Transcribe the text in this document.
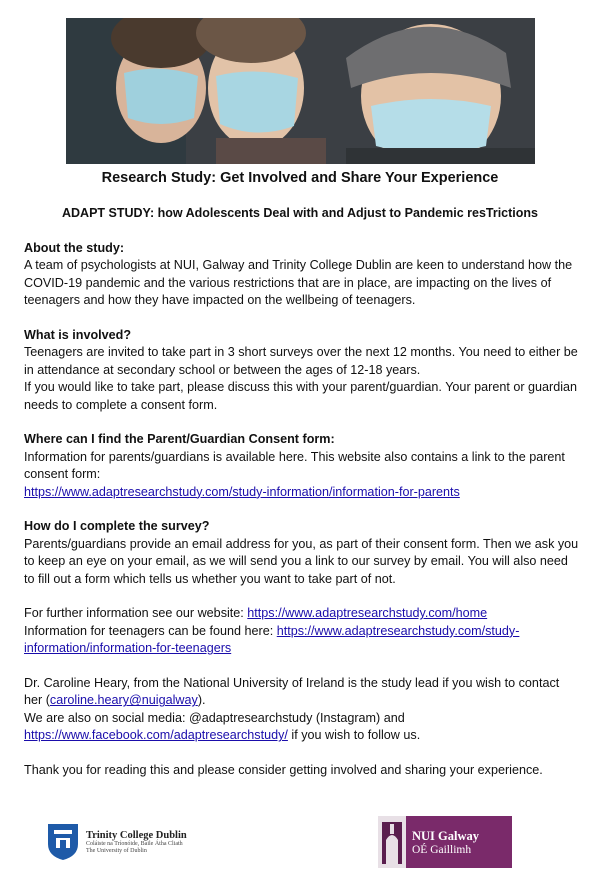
Research Study: Get Involved and Share Your Experience
ADAPT STUDY: how Adolescents Deal with and Adjust to Pandemic resTrictions

About the study:
A team of psychologists at NUI, Galway and Trinity College Dublin are keen to understand how the COVID-19 pandemic and the various restrictions that are in place, are impacting on the lives of teenagers and how they have impacted on the wellbeing of teenagers.

What is involved?
Teenagers are invited to take part in 3 short surveys over the next 12 months. You need to either be in attendance at secondary school or between the ages of 12-18 years.
If you would like to take part, please discuss this with your parent/guardian. Your parent or guardian needs to complete a consent form.

Where can I find the Parent/Guardian Consent form:
Information for parents/guardians is available here. This website also contains a link to the parent consent form:
https://www.adaptresearchstudy.com/study-information/information-for-parents

How do I complete the survey?
Parents/guardians provide an email address for you, as part of their consent form. Then we ask you to keep an eye on your email, as we will send you a link to our survey by email. You will also need to fill out a form which tells us whether you want to take part of not.

For further information see our website: https://www.adaptresearchstudy.com/home
Information for teenagers can be found here: https://www.adaptresearchstudy.com/study-information/information-for-teenagers

Dr. Caroline Heary, from the National University of Ireland is the study lead if you wish to contact her (caroline.heary@nuigalway).
We are also on social media: @adaptresearchstudy (Instagram) and
https://www.facebook.com/adaptresearchstudy/ if you wish to follow us.

Thank you for reading this and please consider getting involved and sharing your experience.

Trinity College Dublin
Coláiste na Tríonóide, Baile Átha Cliath
The University of Dublin
NUI Galway
OÉ Gaillimh
